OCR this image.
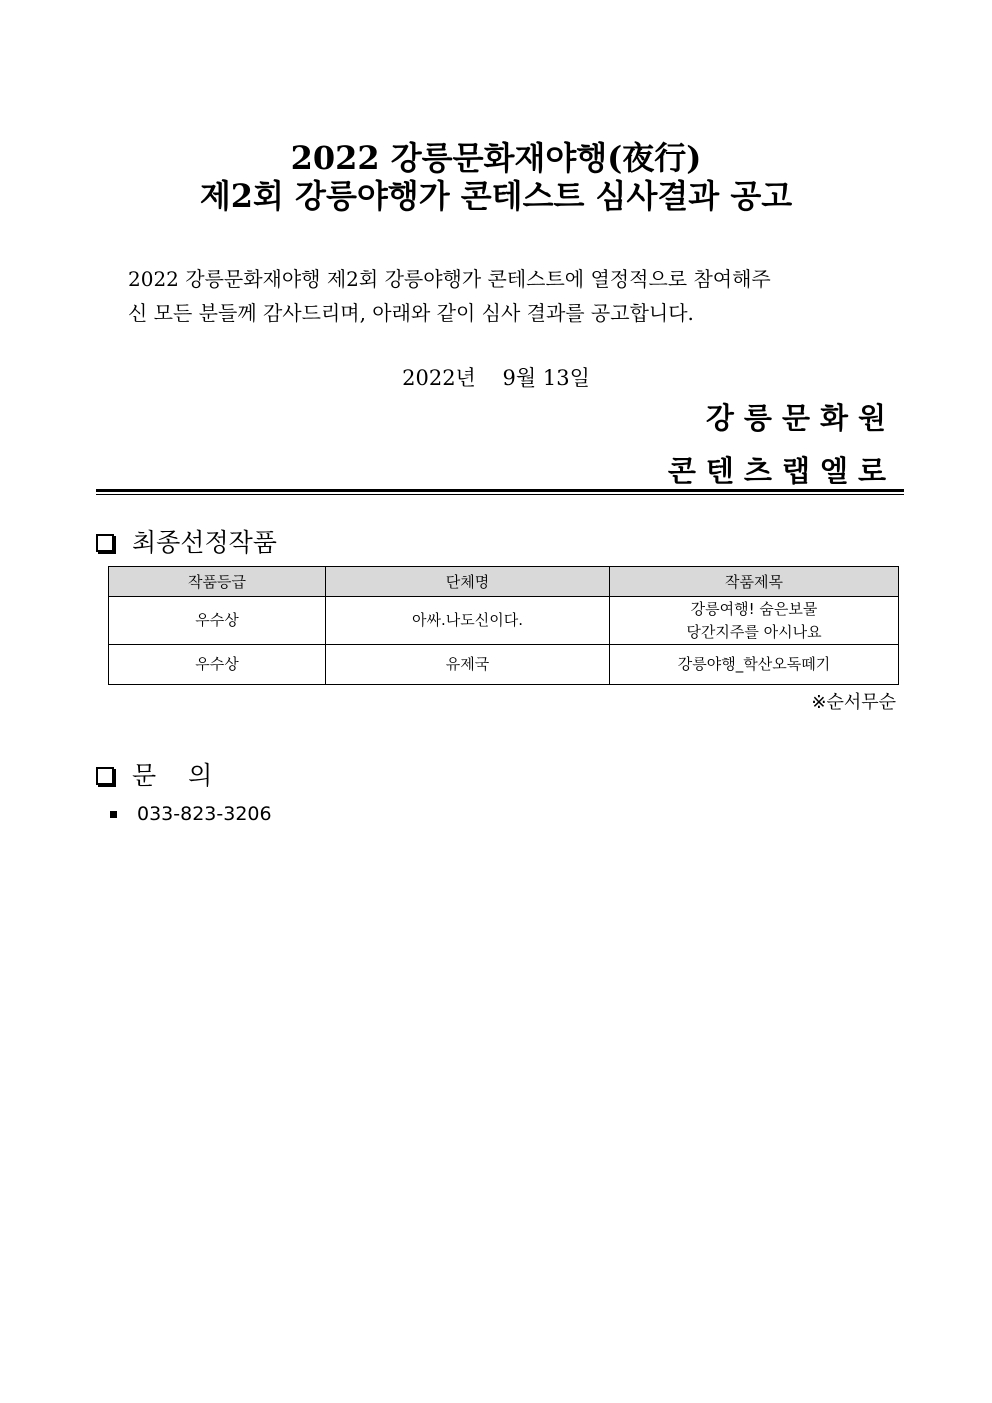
2022 강릉문화재야행(夜行)
제2회 강릉야행가 콘테스트 심사결과 공고
2022 강릉문화재야행 제2회 강릉야행가 콘테스트에 열정적으로 참여해주
신 모든 분들께 감사드리며, 아래와 같이 심사 결과를 공고합니다.
2022년    9월 13일
강릉문화원
콘텐츠랩엘로
최종선정작품
작품등급	단체명	작품제목
우수상	아싸.나도신이다.	강릉여행! 숨은보물
당간지주를 아시나요

우수상	유제국	강릉야행_학산오독떼기
※순서무순
문 의
033-823-3206
